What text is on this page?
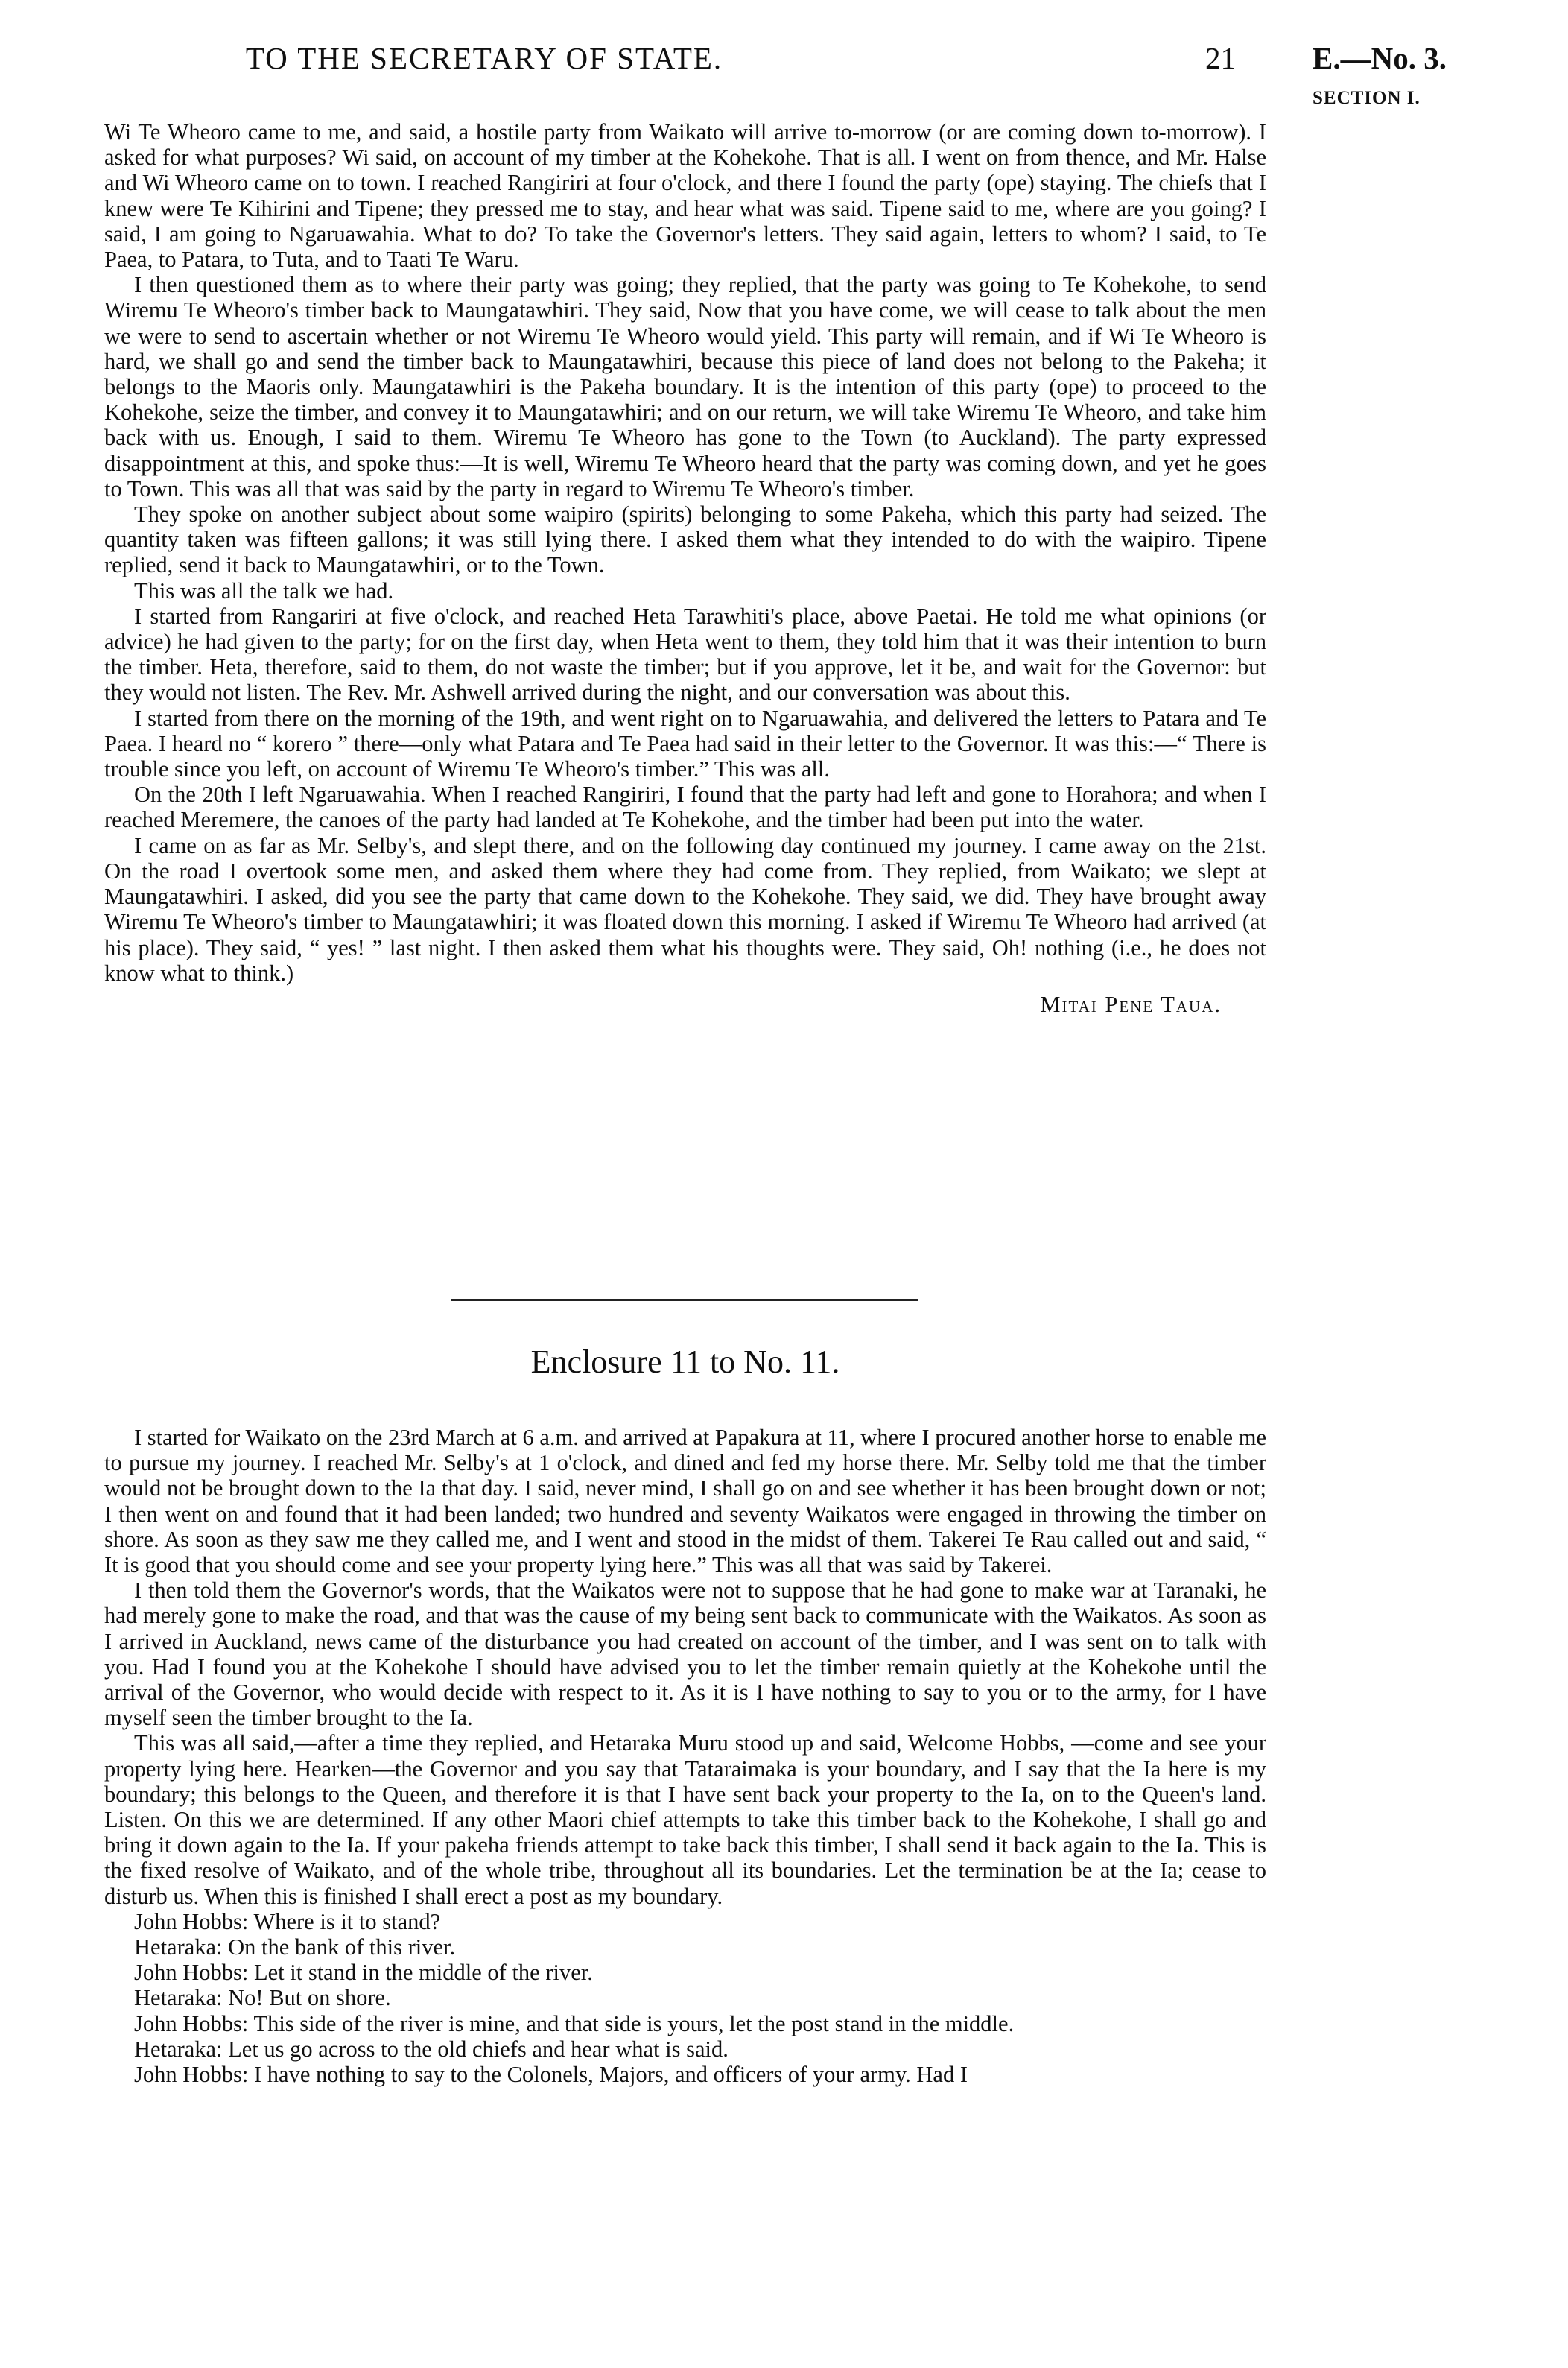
TO THE SECRETARY OF STATE.	21	E.—No. 3.
SECTION I.

Wi Te Wheoro came to me, and said, a hostile party from Waikato will arrive to-morrow (or are coming down to-morrow). I asked for what purposes? Wi said, on account of my timber at the Kohekohe. That is all. I went on from thence, and Mr. Halse and Wi Wheoro came on to town. I reached Rangiriri at four o'clock, and there I found the party (ope) staying. The chiefs that I knew were Te Kihirini and Tipene; they pressed me to stay, and hear what was said. Tipene said to me, where are you going? I said, I am going to Ngaruawahia. What to do? To take the Governor's letters. They said again, letters to whom? I said, to Te Paea, to Patara, to Tuta, and to Taati Te Waru.

I then questioned them as to where their party was going; they replied, that the party was going to Te Kohekohe, to send Wiremu Te Wheoro's timber back to Maungatawhiri. They said, Now that you have come, we will cease to talk about the men we were to send to ascertain whether or not Wiremu Te Wheoro would yield. This party will remain, and if Wi Te Wheoro is hard, we shall go and send the timber back to Maungatawhiri, because this piece of land does not belong to the Pakeha; it belongs to the Maoris only. Maungatawhiri is the Pakeha boundary. It is the intention of this party (ope) to proceed to the Kohekohe, seize the timber, and convey it to Maungatawhiri; and on our return, we will take Wiremu Te Wheoro, and take him back with us. Enough, I said to them. Wiremu Te Wheoro has gone to the Town (to Auckland). The party expressed disappointment at this, and spoke thus:—It is well, Wiremu Te Wheoro heard that the party was coming down, and yet he goes to Town. This was all that was said by the party in regard to Wiremu Te Wheoro's timber.

They spoke on another subject about some waipiro (spirits) belonging to some Pakeha, which this party had seized. The quantity taken was fifteen gallons; it was still lying there. I asked them what they intended to do with the waipiro. Tipene replied, send it back to Maungatawhiri, or to the Town.

This was all the talk we had.

I started from Rangariri at five o'clock, and reached Heta Tarawhiti's place, above Paetai. He told me what opinions (or advice) he had given to the party; for on the first day, when Heta went to them, they told him that it was their intention to burn the timber. Heta, therefore, said to them, do not waste the timber; but if you approve, let it be, and wait for the Governor: but they would not listen. The Rev. Mr. Ashwell arrived during the night, and our conversation was about this.

I started from there on the morning of the 19th, and went right on to Ngaruawahia, and delivered the letters to Patara and Te Paea. I heard no “ korero ” there—only what Patara and Te Paea had said in their letter to the Governor. It was this:—“ There is trouble since you left, on account of Wiremu Te Wheoro's timber.” This was all.

On the 20th I left Ngaruawahia. When I reached Rangiriri, I found that the party had left and gone to Horahora; and when I reached Meremere, the canoes of the party had landed at Te Kohekohe, and the timber had been put into the water.

I came on as far as Mr. Selby's, and slept there, and on the following day continued my journey. I came away on the 21st. On the road I overtook some men, and asked them where they had come from. They replied, from Waikato; we slept at Maungatawhiri. I asked, did you see the party that came down to the Kohekohe. They said, we did. They have brought away Wiremu Te Wheoro's timber to Maungatawhiri; it was floated down this morning. I asked if Wiremu Te Wheoro had arrived (at his place). They said, “ yes! ” last night. I then asked them what his thoughts were. They said, Oh! nothing (i.e., he does not know what to think.)

Mitai Pene Taua.
Enclosure 11 to No. 11.

I started for Waikato on the 23rd March at 6 a.m. and arrived at Papakura at 11, where I procured another horse to enable me to pursue my journey. I reached Mr. Selby's at 1 o'clock, and dined and fed my horse there. Mr. Selby told me that the timber would not be brought down to the Ia that day. I said, never mind, I shall go on and see whether it has been brought down or not; I then went on and found that it had been landed; two hundred and seventy Waikatos were engaged in throwing the timber on shore. As soon as they saw me they called me, and I went and stood in the midst of them. Takerei Te Rau called out and said, “ It is good that you should come and see your property lying here.” This was all that was said by Takerei.

I then told them the Governor's words, that the Waikatos were not to suppose that he had gone to make war at Taranaki, he had merely gone to make the road, and that was the cause of my being sent back to communicate with the Waikatos. As soon as I arrived in Auckland, news came of the disturbance you had created on account of the timber, and I was sent on to talk with you. Had I found you at the Kohekohe I should have advised you to let the timber remain quietly at the Kohekohe until the arrival of the Governor, who would decide with respect to it. As it is I have nothing to say to you or to the army, for I have myself seen the timber brought to the Ia.

This was all said,—after a time they replied, and Hetaraka Muru stood up and said, Welcome Hobbs, —come and see your property lying here. Hearken—the Governor and you say that Tataraimaka is your boundary, and I say that the Ia here is my boundary; this belongs to the Queen, and therefore it is that I have sent back your property to the Ia, on to the Queen's land. Listen. On this we are determined. If any other Maori chief attempts to take this timber back to the Kohekohe, I shall go and bring it down again to the Ia. If your pakeha friends attempt to take back this timber, I shall send it back again to the Ia. This is the fixed resolve of Waikato, and of the whole tribe, throughout all its boundaries. Let the termination be at the Ia; cease to disturb us. When this is finished I shall erect a post as my boundary.

John Hobbs: Where is it to stand?

Hetaraka: On the bank of this river.

John Hobbs: Let it stand in the middle of the river.

Hetaraka: No! But on shore.

John Hobbs: This side of the river is mine, and that side is yours, let the post stand in the middle.

Hetaraka: Let us go across to the old chiefs and hear what is said.

John Hobbs: I have nothing to say to the Colonels, Majors, and officers of your army. Had I
